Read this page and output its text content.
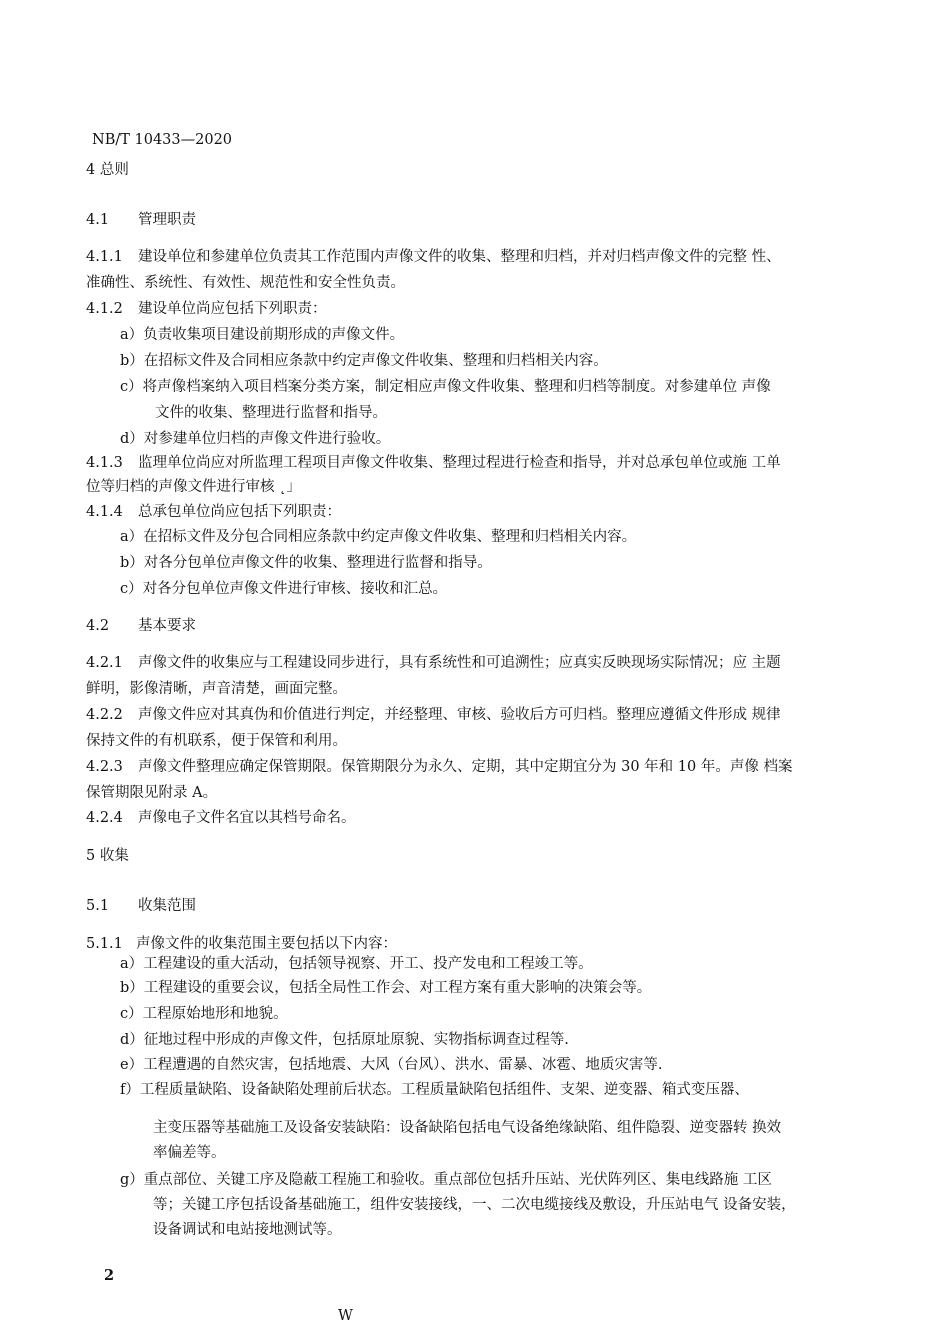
NB/T 10433—2020
4 总则
4.1 管理职责
4.1.1 建设单位和参建单位负责其工作范围内声像文件的收集、整理和归档，并对归档声像文件的完整 性、
准确性、系统性、有效性、规范性和安全性负责。
4.1.2 建设单位尚应包括下列职责：
a）负责收集项目建设前期形成的声像文件。
b）在招标文件及合同相应条款中约定声像文件收集、整理和归档相关内容。
c）将声像档案纳入项目档案分类方案，制定相应声像文件收集、整理和归档等制度。对参建单位 声像
文件的收集、整理进行监督和指导。
d）对参建单位归档的声像文件进行验收。
4.1.3 监理单位尚应对所监理工程项目声像文件收集、整理过程进行检查和指导，并对总承包单位或施 工单
位等归档的声像文件进行审核 ˛」
4.1.4 总承包单位尚应包括下列职责：
a）在招标文件及分包合同相应条款中约定声像文件收集、整理和归档相关内容。
b）对各分包单位声像文件的收集、整理进行监督和指导。
c）对各分包单位声像文件进行审核、接收和汇总。
4.2 基本要求
4.2.1 声像文件的收集应与工程建设同步进行，具有系统性和可追溯性；应真实反映现场实际情况；应 主题
鲜明，影像清晰，声音清楚，画面完整。
4.2.2 声像文件应对其真伪和价值进行判定，并经整理、审核、验收后方可归档。整理应遵循文件形成 规律
保持文件的有机联系，便于保管和利用。
4.2.3 声像文件整理应确定保管期限。保管期限分为永久、定期，其中定期宜分为 30 年和 10 年。声像 档案
保管期限见附录 A。
4.2.4 声像电子文件名宜以其档号命名。
5 收集
5.1 收集范围
5.1.1 声像文件的收集范围主要包括以下内容：
a）工程建设的重大活动，包括领导视察、开工、投产发电和工程竣工等。
b）工程建设的重要会议，包括全局性工作会、对工程方案有重大影响的决策会等。
c）工程原始地形和地貌。
d）征地过程中形成的声像文件，包括原址原貌、实物指标调查过程等.
e）工程遭遇的自然灾害，包括地震、大风（台风）、洪水、雷暴、冰雹、地质灾害等.
f）工程质量缺陷、设备缺陷处理前后状态。工程质量缺陷包括组件、支架、逆变器、箱式变压器、
主变压器等基础施工及设备安装缺陷：设备缺陷包括电气设备绝缘缺陷、组件隐裂、逆变器转 换效
率偏差等。
g）重点部位、关键工序及隐蔽工程施工和验收。重点部位包括升压站、光伏阵列区、集电线路施 工区
等；关键工序包括设备基础施工，组件安装接线，一、二次电缆接线及敷设，升压站电气 设备安装，
设备调试和电站接地测试等。
2
W
